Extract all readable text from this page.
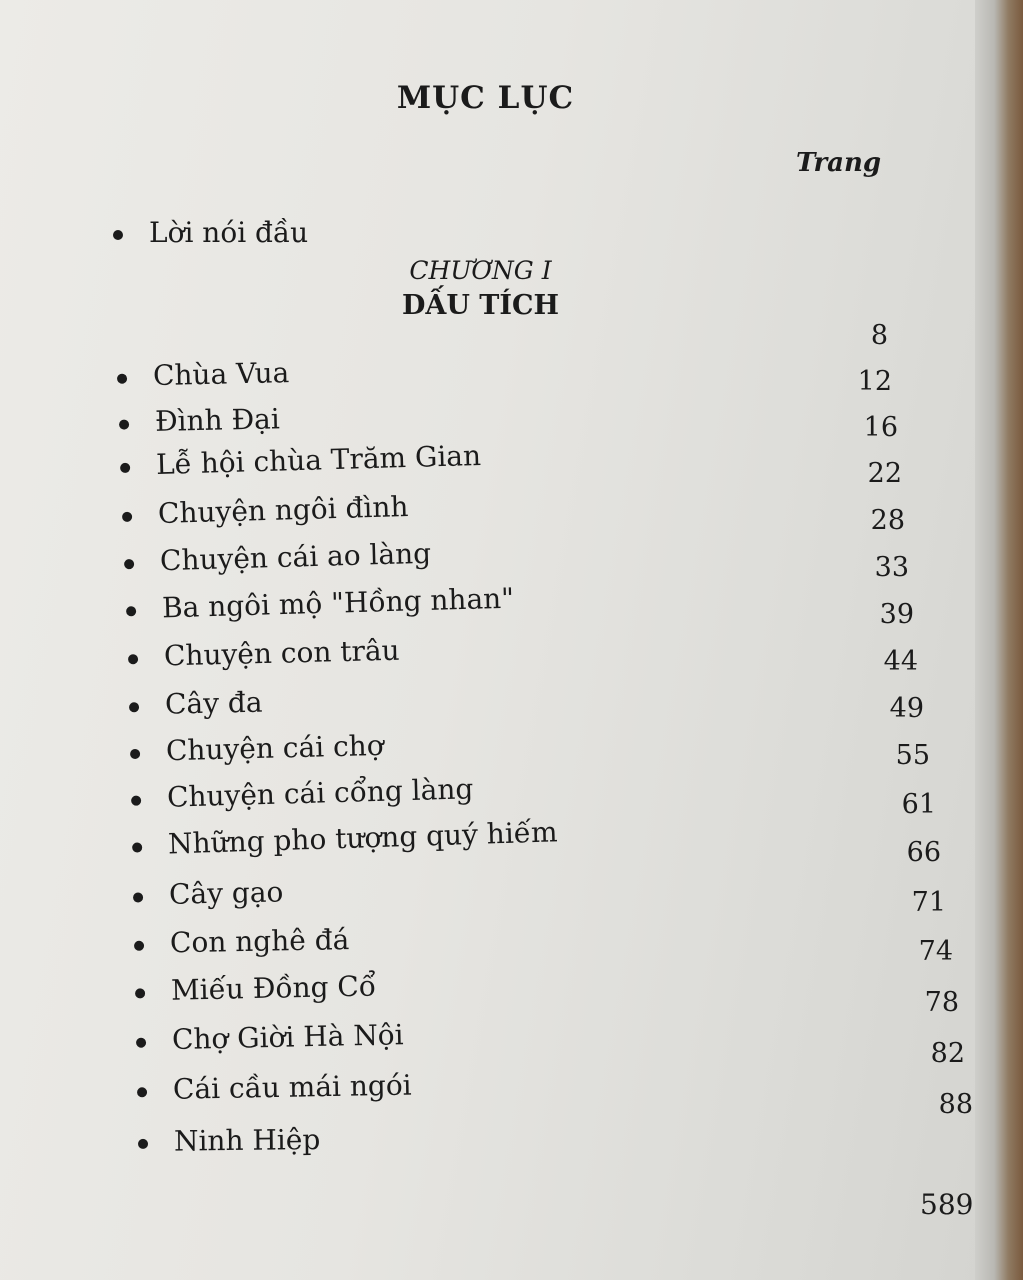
MỤC LỤC
Trang
Lời nói đầu
CHƯƠNG I
DẤU TÍCH
Chùa Vua
Đình Đại
Lễ hội chùa Trăm Gian
Chuyện ngôi đình
Chuyện cái ao làng
Ba ngôi mộ "Hồng nhan"
Chuyện con trâu
Cây đa
Chuyện cái chợ
Chuyện cái cổng làng
Những pho tượng quý hiếm
Cây gạo
Con nghê đá
Miếu Đồng Cổ
Chợ Giời Hà Nội
Cái cầu mái ngói
Ninh Hiệp
8
12
16
22
28
33
39
44
49
55
61
66
71
74
78
82
88
589
